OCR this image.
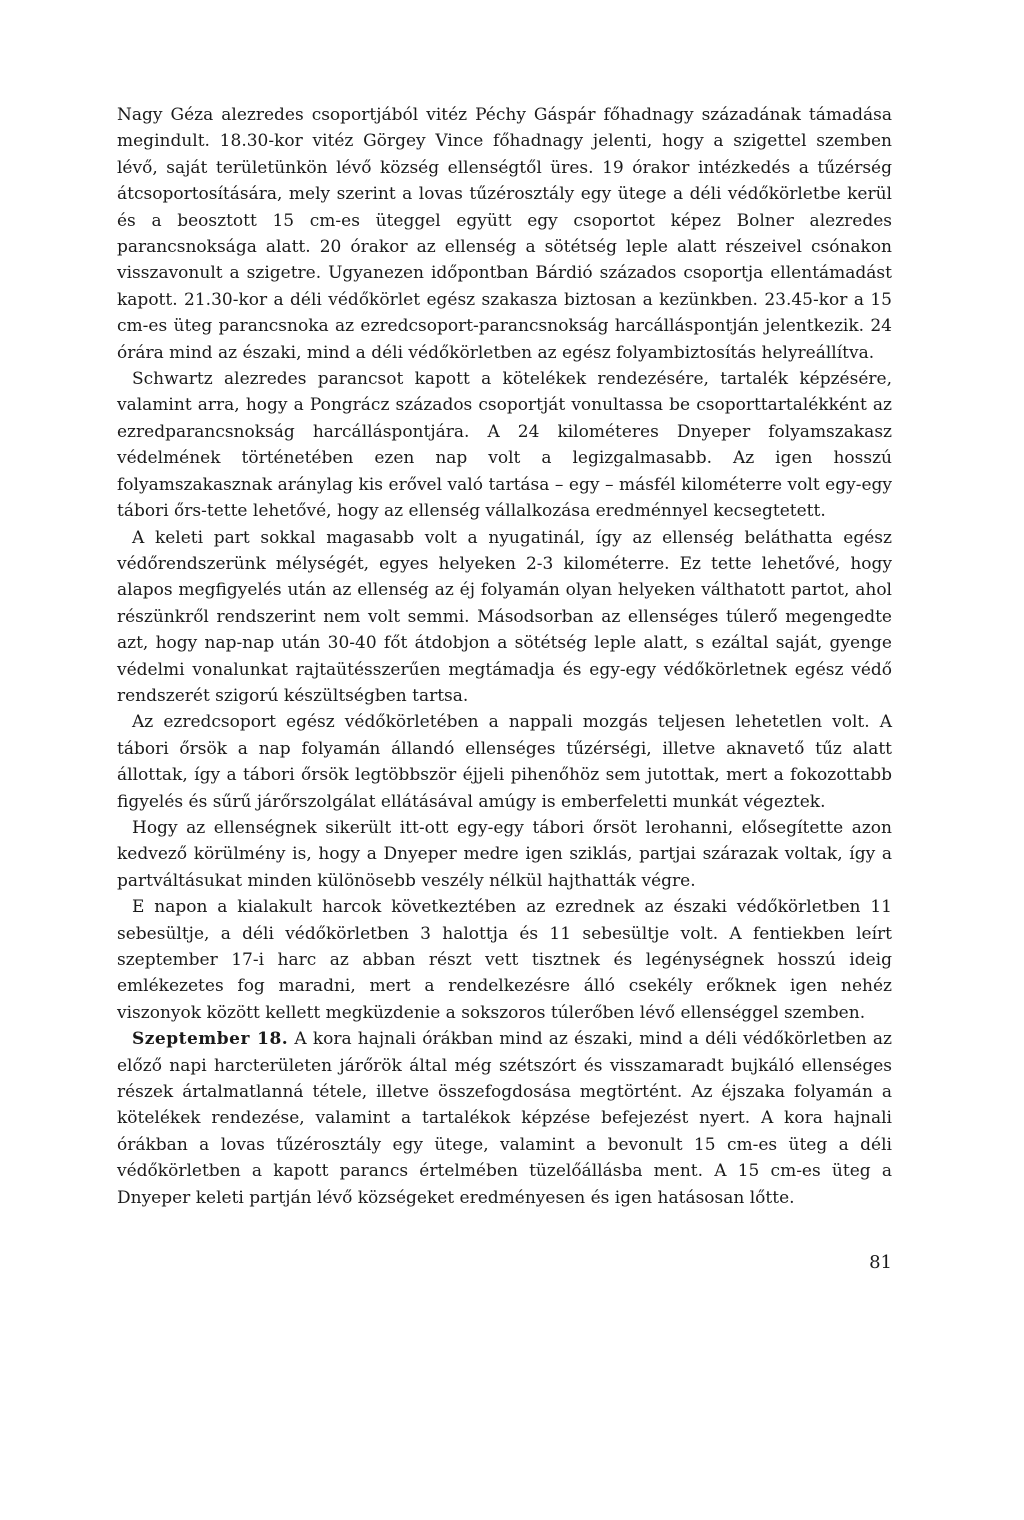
Nagy Géza alezredes csoportjából vitéz Péchy Gáspár főhadnagy századának támadása megindult. 18.30-kor vitéz Görgey Vince főhadnagy jelenti, hogy a szigettel szemben lévő, saját területünkön lévő község ellenségtől üres. 19 órakor intézkedés a tűzérség átcsoportosítására, mely szerint a lovas tűzérosztály egy ütege a déli védőkörletbe kerül és a beosztott 15 cm-es üteggel együtt egy csoportot képez Bolner alezredes parancsnoksága alatt. 20 órakor az ellenség a sötétség leple alatt részeivel csónakon visszavonult a szigetre. Ugyanezen időpontban Bárdió százados csoportja ellentámadást kapott. 21.30-kor a déli védőkörlet egész szakasza biztosan a kezünkben. 23.45-kor a 15 cm-es üteg parancsnoka az ezredcsoport-parancsnokság harcálláspontján jelentkezik. 24 órára mind az északi, mind a déli védőkörletben az egész folyambiztosítás helyreállítva.

Schwartz alezredes parancsot kapott a kötelékek rendezésére, tartalék képzésére, valamint arra, hogy a Pongrácz százados csoportját vonultassa be csoporttartalékként az ezredparancsnokság harcálláspontjára. A 24 kilométeres Dnyeper folyamszakasz védelmének történetében ezen nap volt a legizgalmasabb. Az igen hosszú folyamszakasznak aránylag kis erővel való tartása – egy – másfél kilométerre volt egy-egy tábori őrs-tette lehetővé, hogy az ellenség vállalkozása eredménnyel kecsegtetett.

A keleti part sokkal magasabb volt a nyugatinál, így az ellenség beláthatta egész védőrendszerünk mélységét, egyes helyeken 2-3 kilométerre. Ez tette lehetővé, hogy alapos megfigyelés után az ellenség az éj folyamán olyan helyeken válthatott partot, ahol részünkről rendszerint nem volt semmi. Másodsorban az ellenséges túlerő megengedte azt, hogy nap-nap után 30-40 főt átdobjon a sötétség leple alatt, s ezáltal saját, gyenge védelmi vonalunkat rajtaütésszerűen megtámadja és egy-egy védőkörletnek egész védő rendszerét szigorú készültségben tartsa.

Az ezredcsoport egész védőkörletében a nappali mozgás teljesen lehetetlen volt. A tábori őrsök a nap folyamán állandó ellenséges tűzérségi, illetve aknavető tűz alatt állottak, így a tábori őrsök legtöbbször éjjeli pihenőhöz sem jutottak, mert a fokozottabb figyelés és sűrű járőrszolgálat ellátásával amúgy is emberfeletti munkát végeztek.

Hogy az ellenségnek sikerült itt-ott egy-egy tábori őrsöt lerohanni, elősegítette azon kedvező körülmény is, hogy a Dnyeper medre igen sziklás, partjai szárazak voltak, így a partváltásukat minden különösebb veszély nélkül hajthatták végre.

E napon a kialakult harcok következtében az ezrednek az északi védőkörletben 11 sebesültje, a déli védőkörletben 3 halottja és 11 sebesültje volt. A fentiekben leírt szeptember 17-i harc az abban részt vett tisztnek és legénységnek hosszú ideig emlékezetes fog maradni, mert a rendelkezésre álló csekély erőknek igen nehéz viszonyok között kellett megküzdenie a sokszoros túlerőben lévő ellenséggel szemben.

Szeptember 18. A kora hajnali órákban mind az északi, mind a déli védőkörletben az előző napi harcterületen járőrök által még szétszórt és visszamaradt bujkáló ellenséges részek ártalmatlanná tétele, illetve összefogdosása megtörtént. Az éjszaka folyamán a kötelékek rendezése, valamint a tartalékok képzése befejezést nyert. A kora hajnali órákban a lovas tűzérosztály egy ütege, valamint a bevonult 15 cm-es üteg a déli védőkörletben a kapott parancs értelmében tüzelőállásba ment. A 15 cm-es üteg a Dnyeper keleti partján lévő községeket eredményesen és igen hatásosan lőtte.

81
